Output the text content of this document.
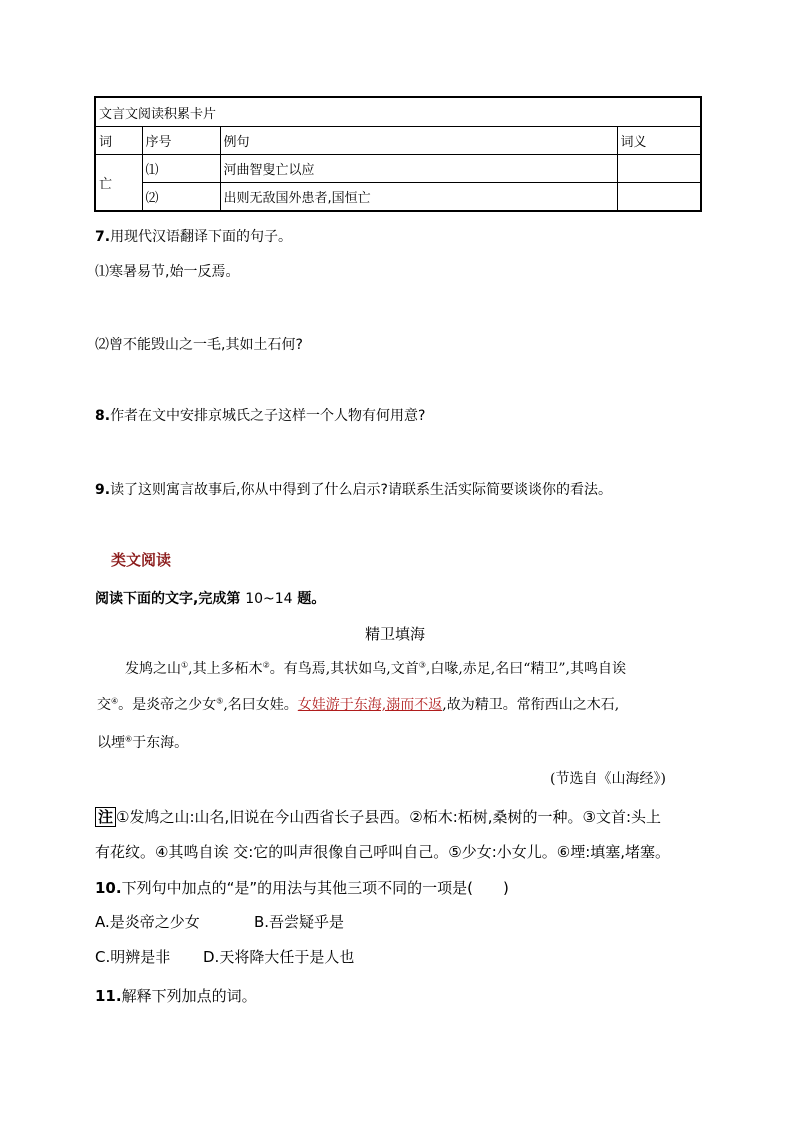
文言文阅读积累卡片			
词	序号	例句	词义
亡	⑴	河曲智叟亡以应	
	⑵	出则无敌国外患者,国恒亡	
7.用现代汉语翻译下面的句子。
⑴寒暑易节,始一反焉。
⑵曾不能毁山之一毛,其如土石何?
8.作者在文中安排京城氏之子这样一个人物有何用意?
9.读了这则寓言故事后,你从中得到了什么启示?请联系生活实际简要谈谈你的看法。
类文阅读
阅读下面的文字,完成第 10~14 题。
精卫填海
发鸠之山①,其上多柘木②。有鸟焉,其状如乌,文首③,白喙,赤足,名曰“精卫”,其鸣自诶
交④。是炎帝之少女⑤,名曰女娃。女娃游于东海,溺而不返,故为精卫。常衔西山之木石,
以堙⑥于东海。
(节选自《山海经》)
注 ①发鸠之山:山名,旧说在今山西省长子县西。②柘木:柘树,桑树的一种。③文首:头上
有花纹。④其鸣自诶 交:它的叫声很像自己呼叫自己。⑤少女:小女儿。⑥堙:填塞,堵塞。
10.下列句中加点的“是”的用法与其他三项不同的一项是(　　)
A.是炎帝之少女	B.吾尝疑乎是
C.明辨是非 D.天将降大任于是人也
11.解释下列加点的词。
